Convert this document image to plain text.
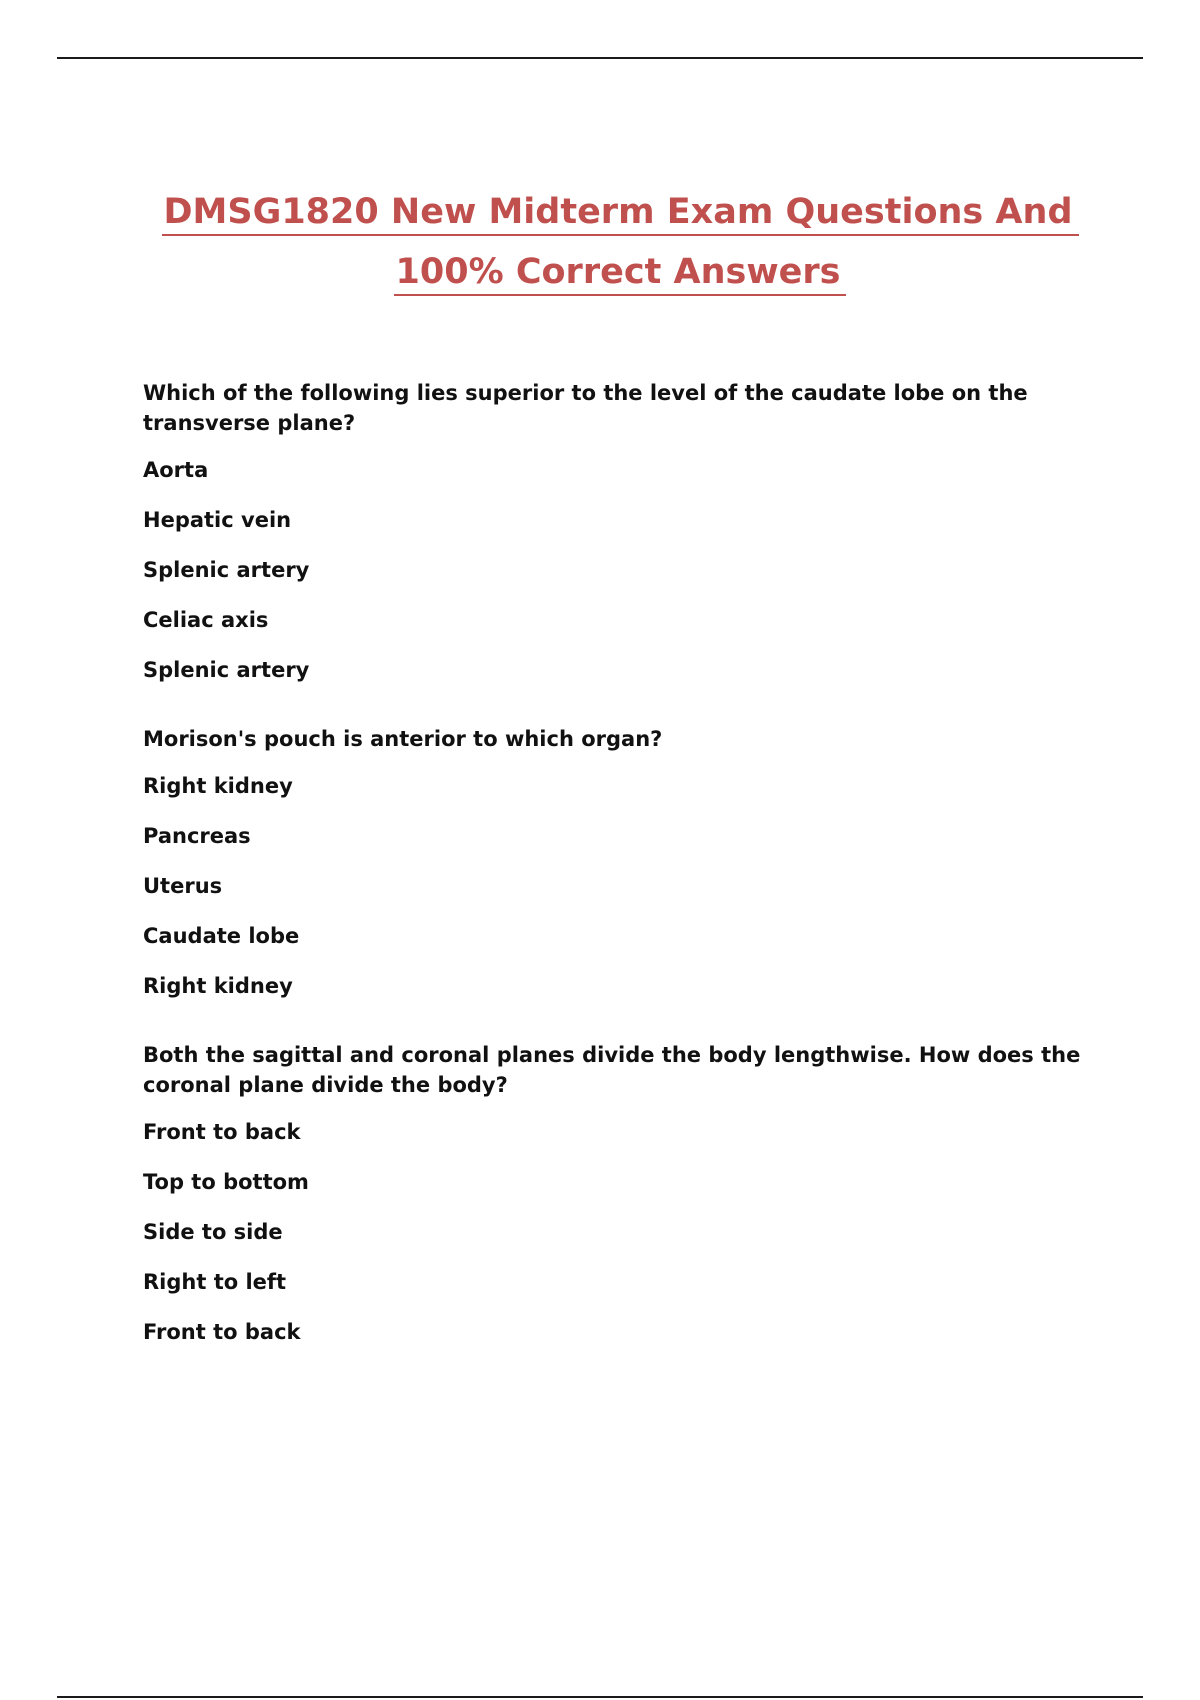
DMSG1820 New Midterm Exam Questions And
100% Correct Answers

Which of the following lies superior to the level of the caudate lobe on the transverse plane?

Aorta

Hepatic vein

Splenic artery

Celiac axis

Splenic artery

Morison's pouch is anterior to which organ?

Right kidney

Pancreas

Uterus

Caudate lobe

Right kidney

Both the sagittal and coronal planes divide the body lengthwise. How does the coronal plane divide the body?

Front to back

Top to bottom

Side to side

Right to left

Front to back
